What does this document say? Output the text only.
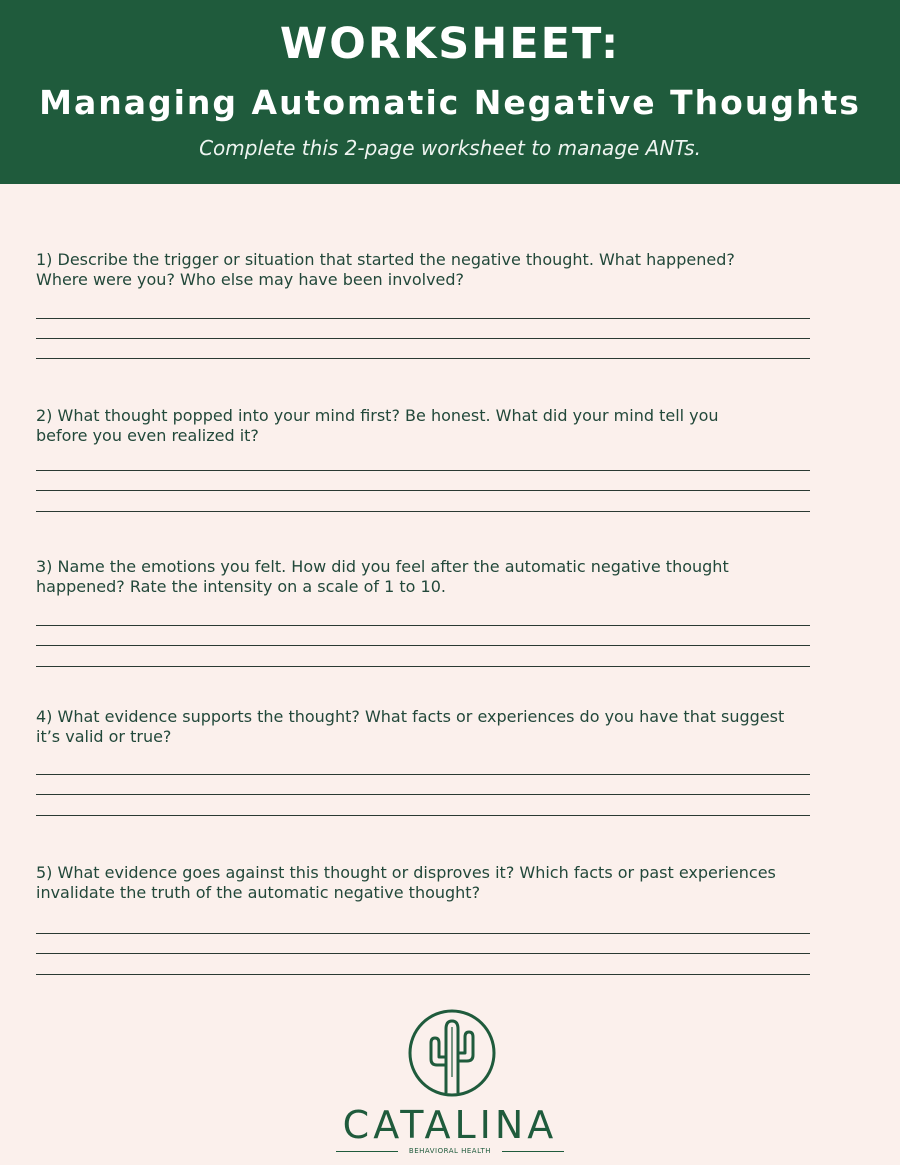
WORKSHEET:
Managing Automatic Negative Thoughts
Complete this 2-page worksheet to manage ANTs.

1) Describe the trigger or situation that started the negative thought. What happened?
Where were you? Who else may have been involved?

2) What thought popped into your mind first? Be honest. What did your mind tell you
before you even realized it?

3) Name the emotions you felt. How did you feel after the automatic negative thought
happened? Rate the intensity on a scale of 1 to 10.

4) What evidence supports the thought? What facts or experiences do you have that suggest
it’s valid or true?

5) What evidence goes against this thought or disproves it? Which facts or past experiences
invalidate the truth of the automatic negative thought?

CATALINA
BEHAVIORAL HEALTH
